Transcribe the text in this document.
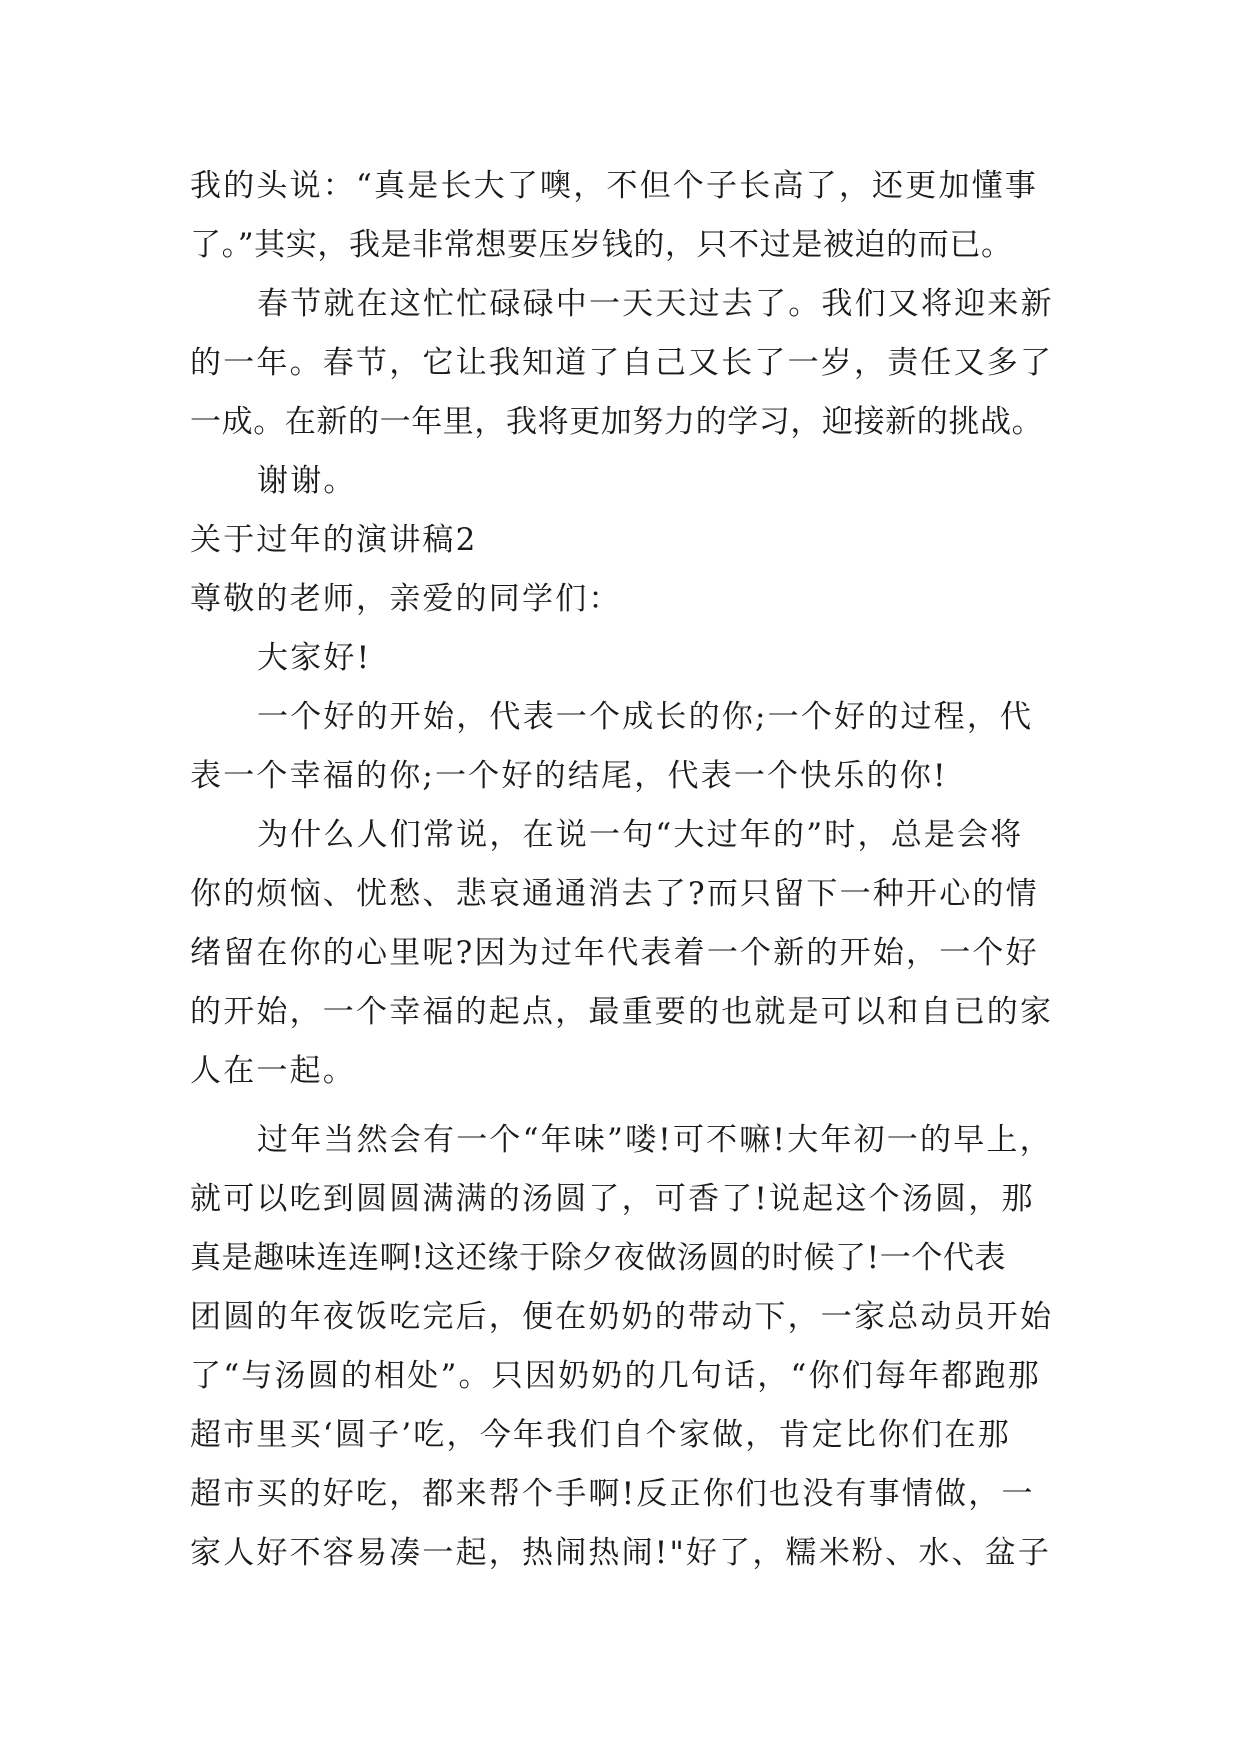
我的头说：“真是长大了噢，不但个子长高了，还更加懂事
了。”其实，我是非常想要压岁钱的，只不过是被迫的而已。
春节就在这忙忙碌碌中一天天过去了。我们又将迎来新
的一年。春节，它让我知道了自己又长了一岁，责任又多了
一成。在新的一年里，我将更加努力的学习，迎接新的挑战。
谢谢。
关于过年的演讲稿2
尊敬的老师，亲爱的同学们：
大家好!
一个好的开始，代表一个成长的你;一个好的过程，代
表一个幸福的你;一个好的结尾，代表一个快乐的你!
为什么人们常说，在说一句“大过年的”时，总是会将
你的烦恼、忧愁、悲哀通通消去了?而只留下一种开心的情
绪留在你的心里呢?因为过年代表着一个新的开始，一个好
的开始，一个幸福的起点，最重要的也就是可以和自已的家
人在一起。
过年当然会有一个“年味”喽!可不嘛!大年初一的早上，
就可以吃到圆圆满满的汤圆了，可香了!说起这个汤圆，那
真是趣味连连啊!这还缘于除夕夜做汤圆的时候了!一个代表
团圆的年夜饭吃完后，便在奶奶的带动下，一家总动员开始
了“与汤圆的相处”。只因奶奶的几句话，“你们每年都跑那
超市里买‘圆子’吃，今年我们自个家做，肯定比你们在那
超市买的好吃，都来帮个手啊!反正你们也没有事情做，一
家人好不容易凑一起，热闹热闹!"好了，糯米粉、水、盆子
